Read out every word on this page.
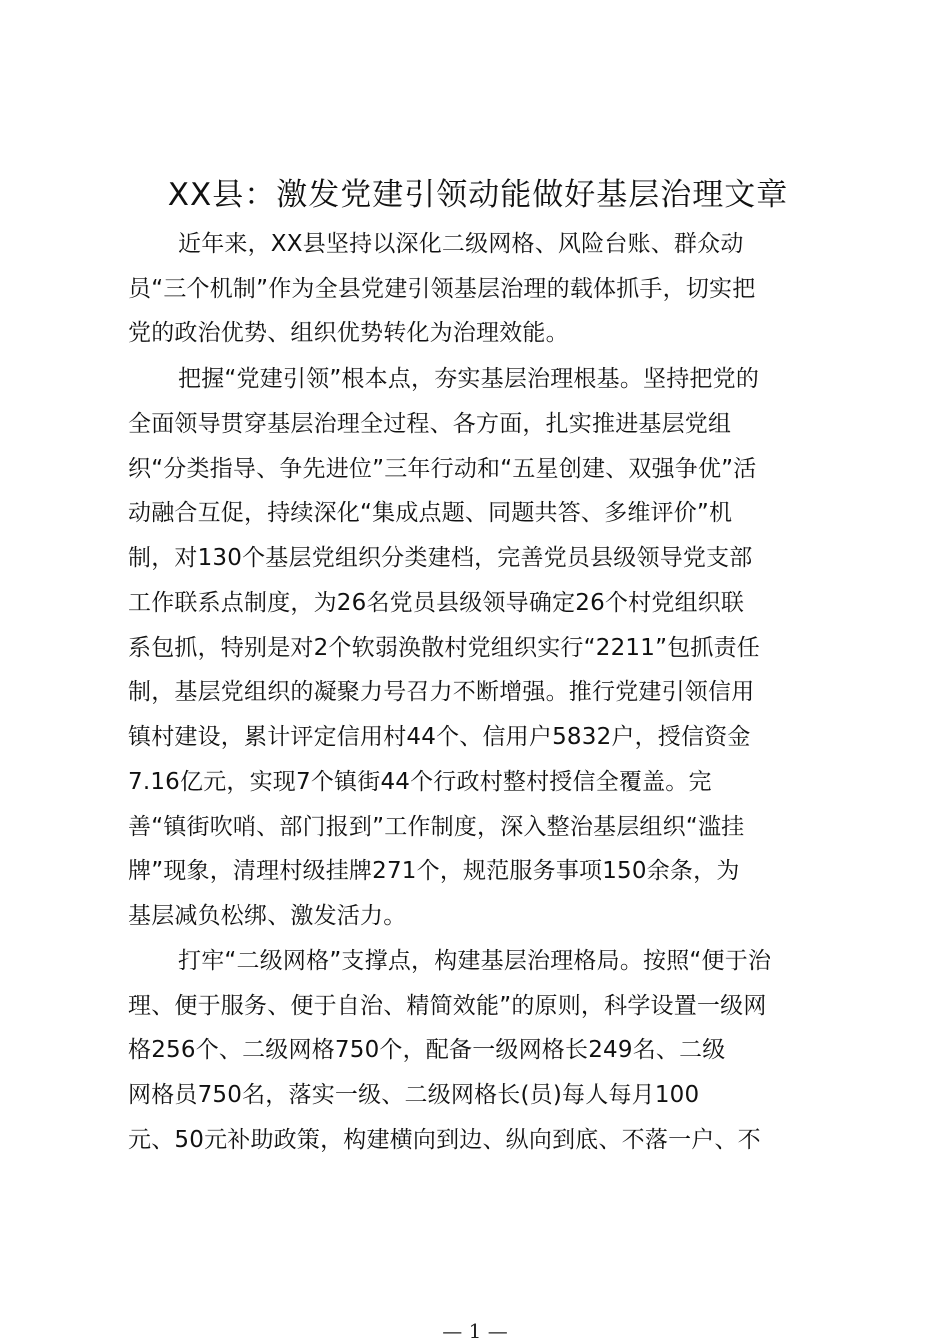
XX县：激发党建引领动能做好基层治理文章
近年来，XX县坚持以深化二级网格、风险台账、群众动
员“三个机制”作为全县党建引领基层治理的载体抓手，切实把
党的政治优势、组织优势转化为治理效能。
把握“党建引领”根本点，夯实基层治理根基。坚持把党的
全面领导贯穿基层治理全过程、各方面，扎实推进基层党组
织“分类指导、争先进位”三年行动和“五星创建、双强争优”活
动融合互促，持续深化“集成点题、同题共答、多维评价”机
制，对130个基层党组织分类建档，完善党员县级领导党支部
工作联系点制度，为26名党员县级领导确定26个村党组织联
系包抓，特别是对2个软弱涣散村党组织实行“2211”包抓责任
制，基层党组织的凝聚力号召力不断增强。推行党建引领信用
镇村建设，累计评定信用村44个、信用户5832户，授信资金
7.16亿元，实现7个镇街44个行政村整村授信全覆盖。完
善“镇街吹哨、部门报到”工作制度，深入整治基层组织“滥挂
牌”现象，清理村级挂牌271个，规范服务事项150余条，为
基层减负松绑、激发活力。
打牢“二级网格”支撑点，构建基层治理格局。按照“便于治
理、便于服务、便于自治、精简效能”的原则，科学设置一级网
格256个、二级网格750个，配备一级网格长249名、二级
网格员750名，落实一级、二级网格长(员)每人每月100
元、50元补助政策，构建横向到边、纵向到底、不落一户、不
— 1 —
